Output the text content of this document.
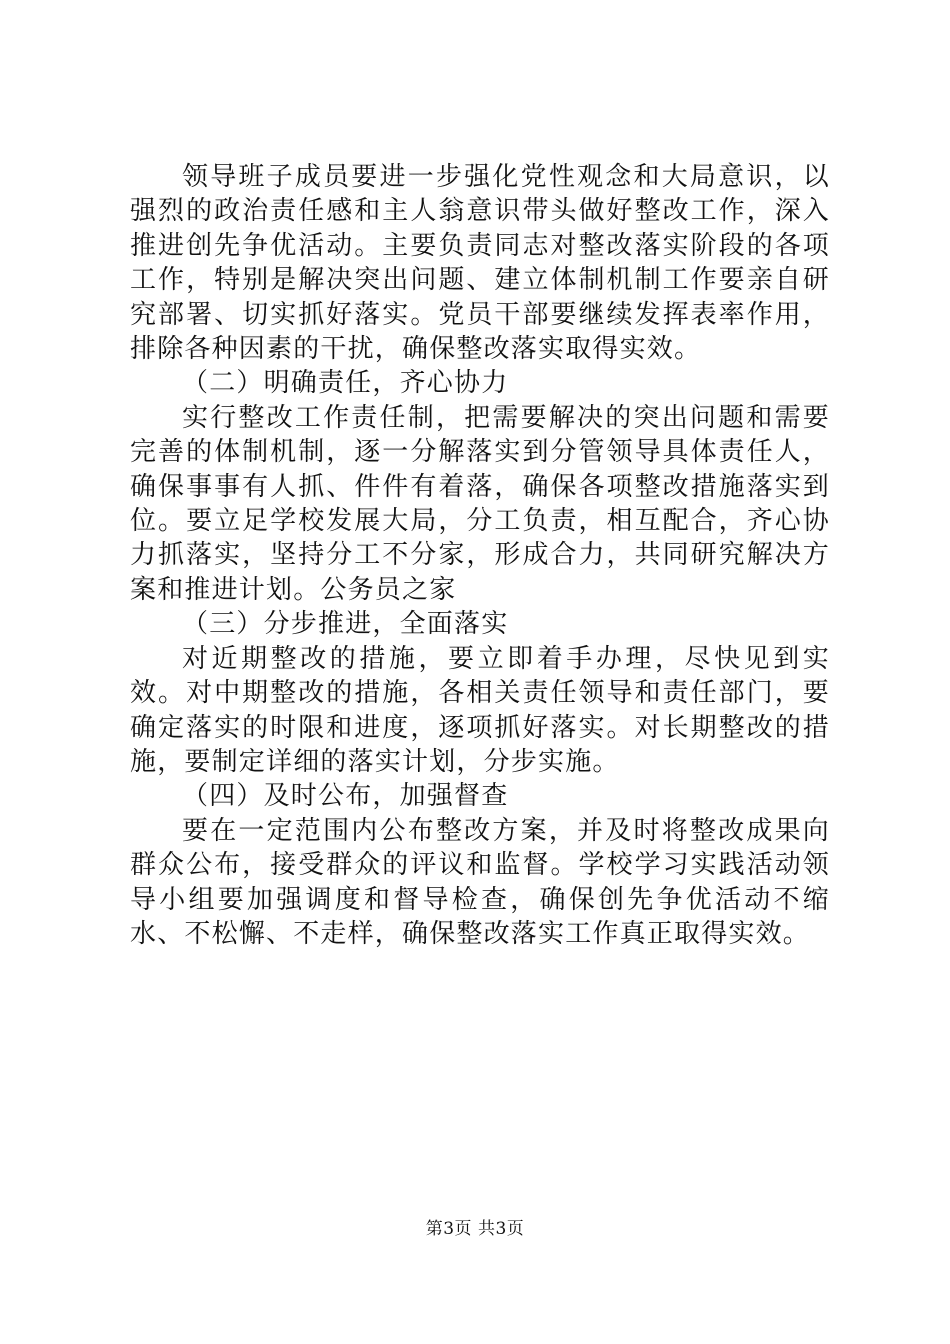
领导班子成员要进一步强化党性观念和大局意识，以强烈的政治责任感和主人翁意识带头做好整改工作，深入推进创先争优活动。主要负责同志对整改落实阶段的各项工作，特别是解决突出问题、建立体制机制工作要亲自研究部署、切实抓好落实。党员干部要继续发挥表率作用，排除各种因素的干扰，确保整改落实取得实效。

（二）明确责任，齐心协力

实行整改工作责任制，把需要解决的突出问题和需要完善的体制机制，逐一分解落实到分管领导具体责任人，确保事事有人抓、件件有着落，确保各项整改措施落实到位。要立足学校发展大局，分工负责，相互配合，齐心协力抓落实，坚持分工不分家，形成合力，共同研究解决方案和推进计划。公务员之家

（三）分步推进，全面落实

对近期整改的措施，要立即着手办理，尽快见到实效。对中期整改的措施，各相关责任领导和责任部门，要确定落实的时限和进度，逐项抓好落实。对长期整改的措施，要制定详细的落实计划，分步实施。

（四）及时公布，加强督查

要在一定范围内公布整改方案，并及时将整改成果向群众公布，接受群众的评议和监督。学校学习实践活动领导小组要加强调度和督导检查，确保创先争优活动不缩水、不松懈、不走样，确保整改落实工作真正取得实效。

第3页 共3页
